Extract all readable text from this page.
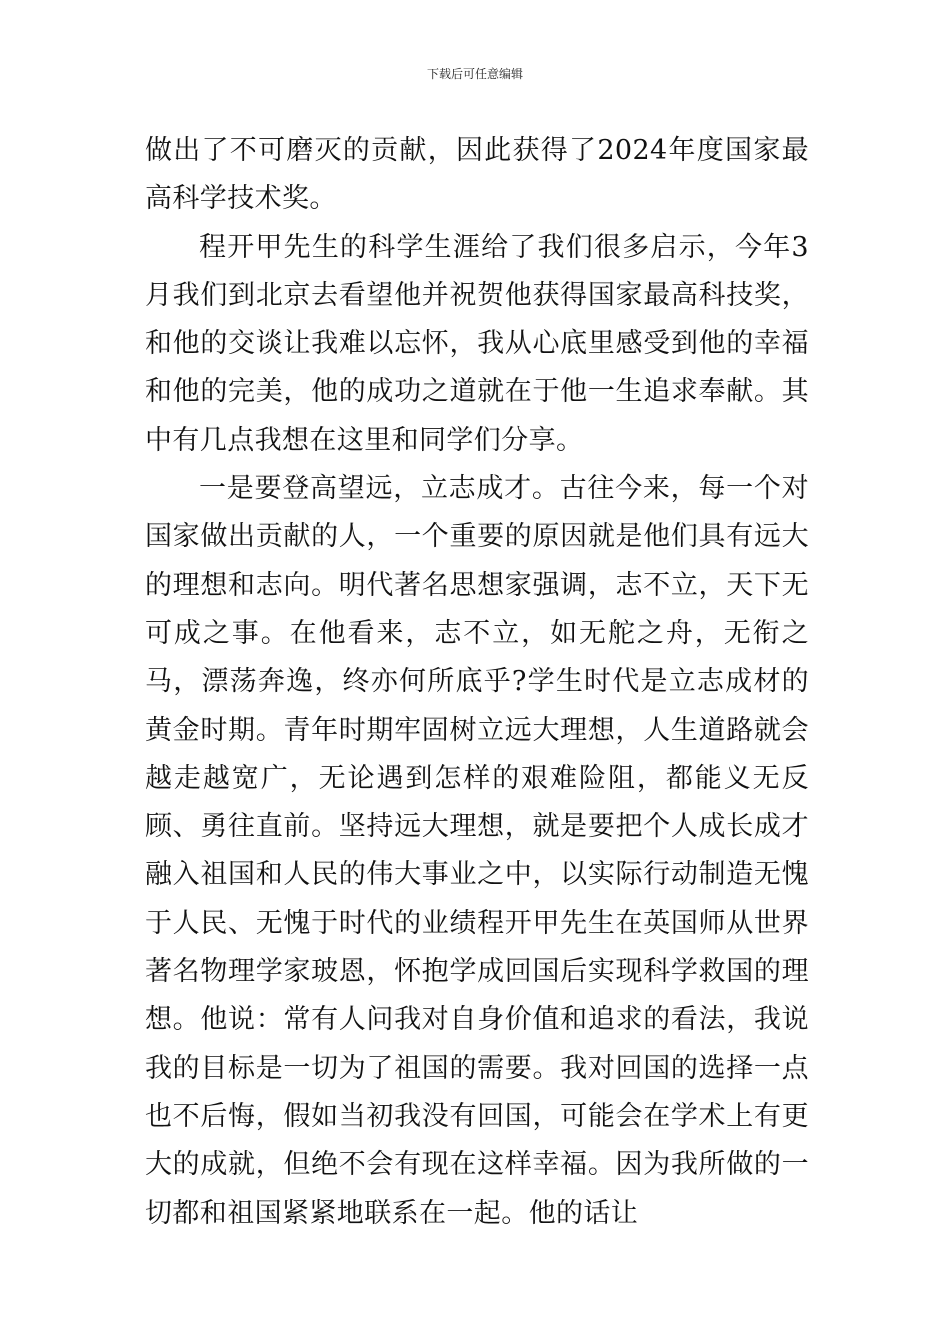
下载后可任意编辑

做出了不可磨灭的贡献，因此获得了2024年度国家最高科学技术奖。

程开甲先生的科学生涯给了我们很多启示，今年3月我们到北京去看望他并祝贺他获得国家最高科技奖，和他的交谈让我难以忘怀，我从心底里感受到他的幸福和他的完美，他的成功之道就在于他一生追求奉献。其中有几点我想在这里和同学们分享。

一是要登高望远，立志成才。古往今来，每一个对国家做出贡献的人，一个重要的原因就是他们具有远大的理想和志向。明代著名思想家强调，志不立，天下无可成之事。在他看来，志不立，如无舵之舟，无衔之马，漂荡奔逸，终亦何所底乎?学生时代是立志成材的黄金时期。青年时期牢固树立远大理想，人生道路就会越走越宽广，无论遇到怎样的艰难险阻，都能义无反顾、勇往直前。坚持远大理想，就是要把个人成长成才融入祖国和人民的伟大事业之中，以实际行动制造无愧于人民、无愧于时代的业绩程开甲先生在英国师从世界著名物理学家玻恩，怀抱学成回国后实现科学救国的理想。他说：常有人问我对自身价值和追求的看法，我说我的目标是一切为了祖国的需要。我对回国的选择一点也不后悔，假如当初我没有回国，可能会在学术上有更大的成就，但绝不会有现在这样幸福。因为我所做的一切都和祖国紧紧地联系在一起。他的话让
